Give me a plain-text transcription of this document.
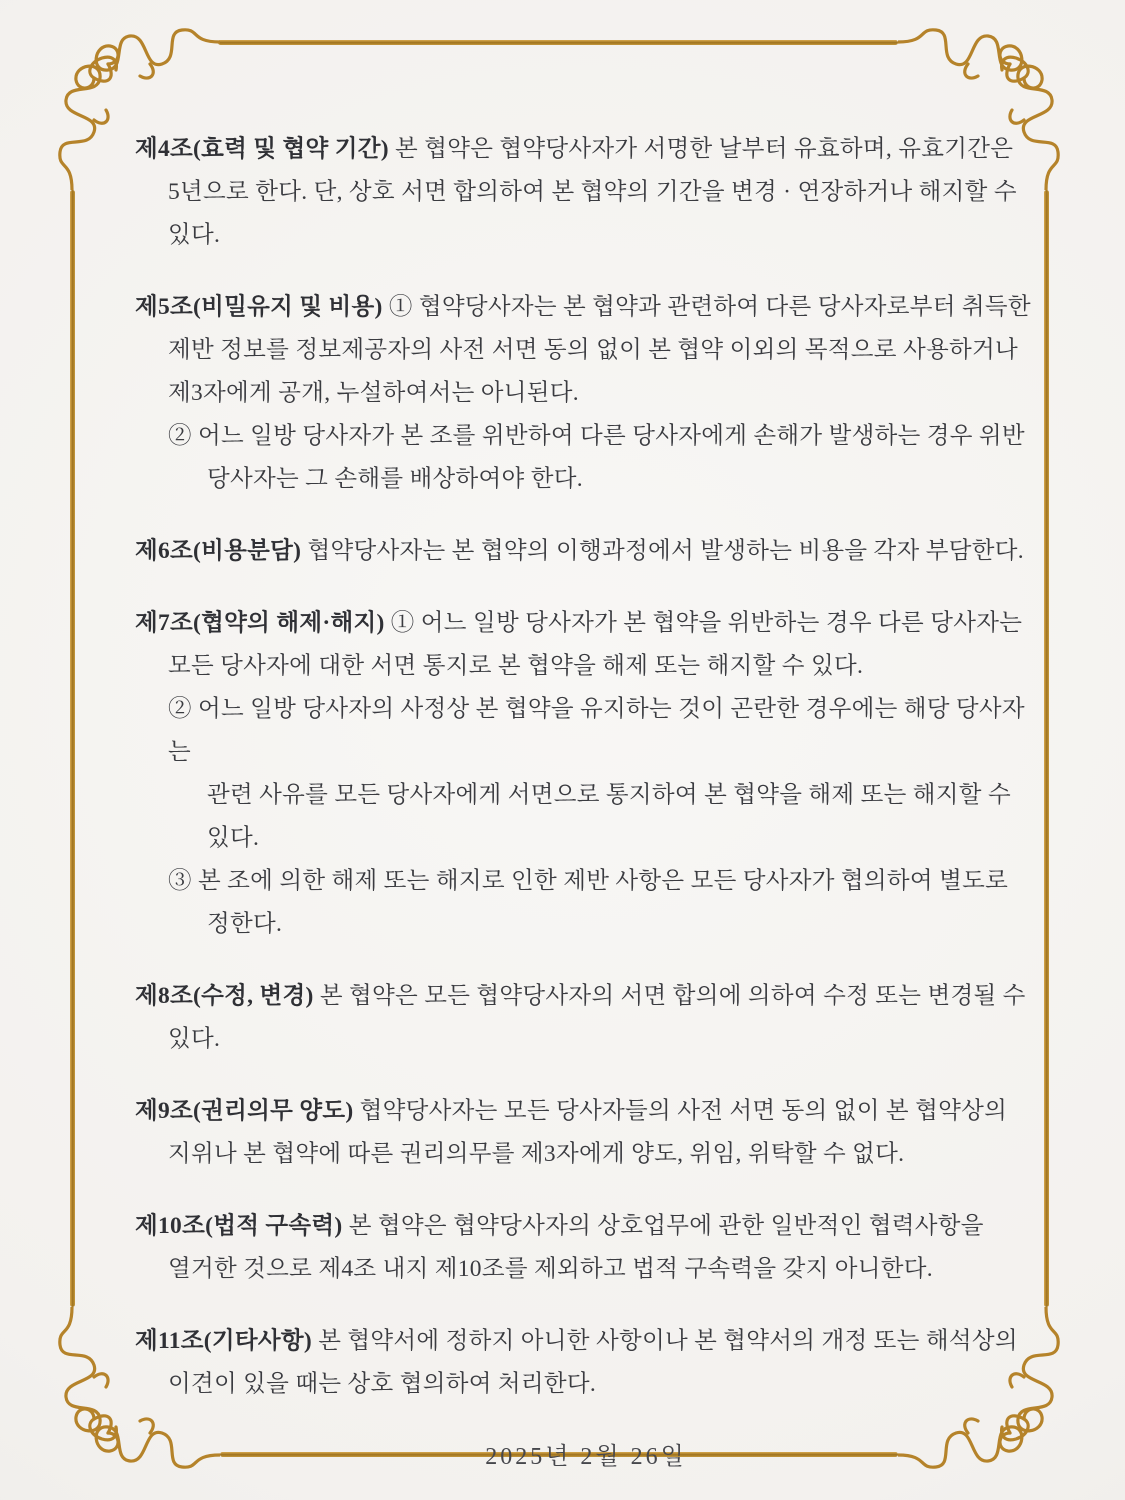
제4조(효력 및 협약 기간) 본 협약은 협약당사자가 서명한 날부터 유효하며, 유효기간은
5년으로 한다. 단, 상호 서면 합의하여 본 협약의 기간을 변경 · 연장하거나 해지할 수
있다.

제5조(비밀유지 및 비용) ① 협약당사자는 본 협약과 관련하여 다른 당사자로부터 취득한
제반 정보를 정보제공자의 사전 서면 동의 없이 본 협약 이외의 목적으로 사용하거나
제3자에게 공개, 누설하여서는 아니된다.
② 어느 일방 당사자가 본 조를 위반하여 다른 당사자에게 손해가 발생하는 경우 위반
당사자는 그 손해를 배상하여야 한다.

제6조(비용분담) 협약당사자는 본 협약의 이행과정에서 발생하는 비용을 각자 부담한다.

제7조(협약의 해제·해지) ① 어느 일방 당사자가 본 협약을 위반하는 경우 다른 당사자는
모든 당사자에 대한 서면 통지로 본 협약을 해제 또는 해지할 수 있다.
② 어느 일방 당사자의 사정상 본 협약을 유지하는 것이 곤란한 경우에는 해당 당사자는
관련 사유를 모든 당사자에게 서면으로 통지하여 본 협약을 해제 또는 해지할 수 있다.
③ 본 조에 의한 해제 또는 해지로 인한 제반 사항은 모든 당사자가 협의하여 별도로
정한다.

제8조(수정, 변경) 본 협약은 모든 협약당사자의 서면 합의에 의하여 수정 또는 변경될 수
있다.

제9조(권리의무 양도) 협약당사자는 모든 당사자들의 사전 서면 동의 없이 본 협약상의
지위나 본 협약에 따른 권리의무를 제3자에게 양도, 위임, 위탁할 수 없다.

제10조(법적 구속력) 본 협약은 협약당사자의 상호업무에 관한 일반적인 협력사항을
열거한 것으로 제4조 내지 제10조를 제외하고 법적 구속력을 갖지 아니한다.

제11조(기타사항) 본 협약서에 정하지 아니한 사항이나 본 협약서의 개정 또는 해석상의
이견이 있을 때는 상호 협의하여 처리한다.

2025년 2월 26일
